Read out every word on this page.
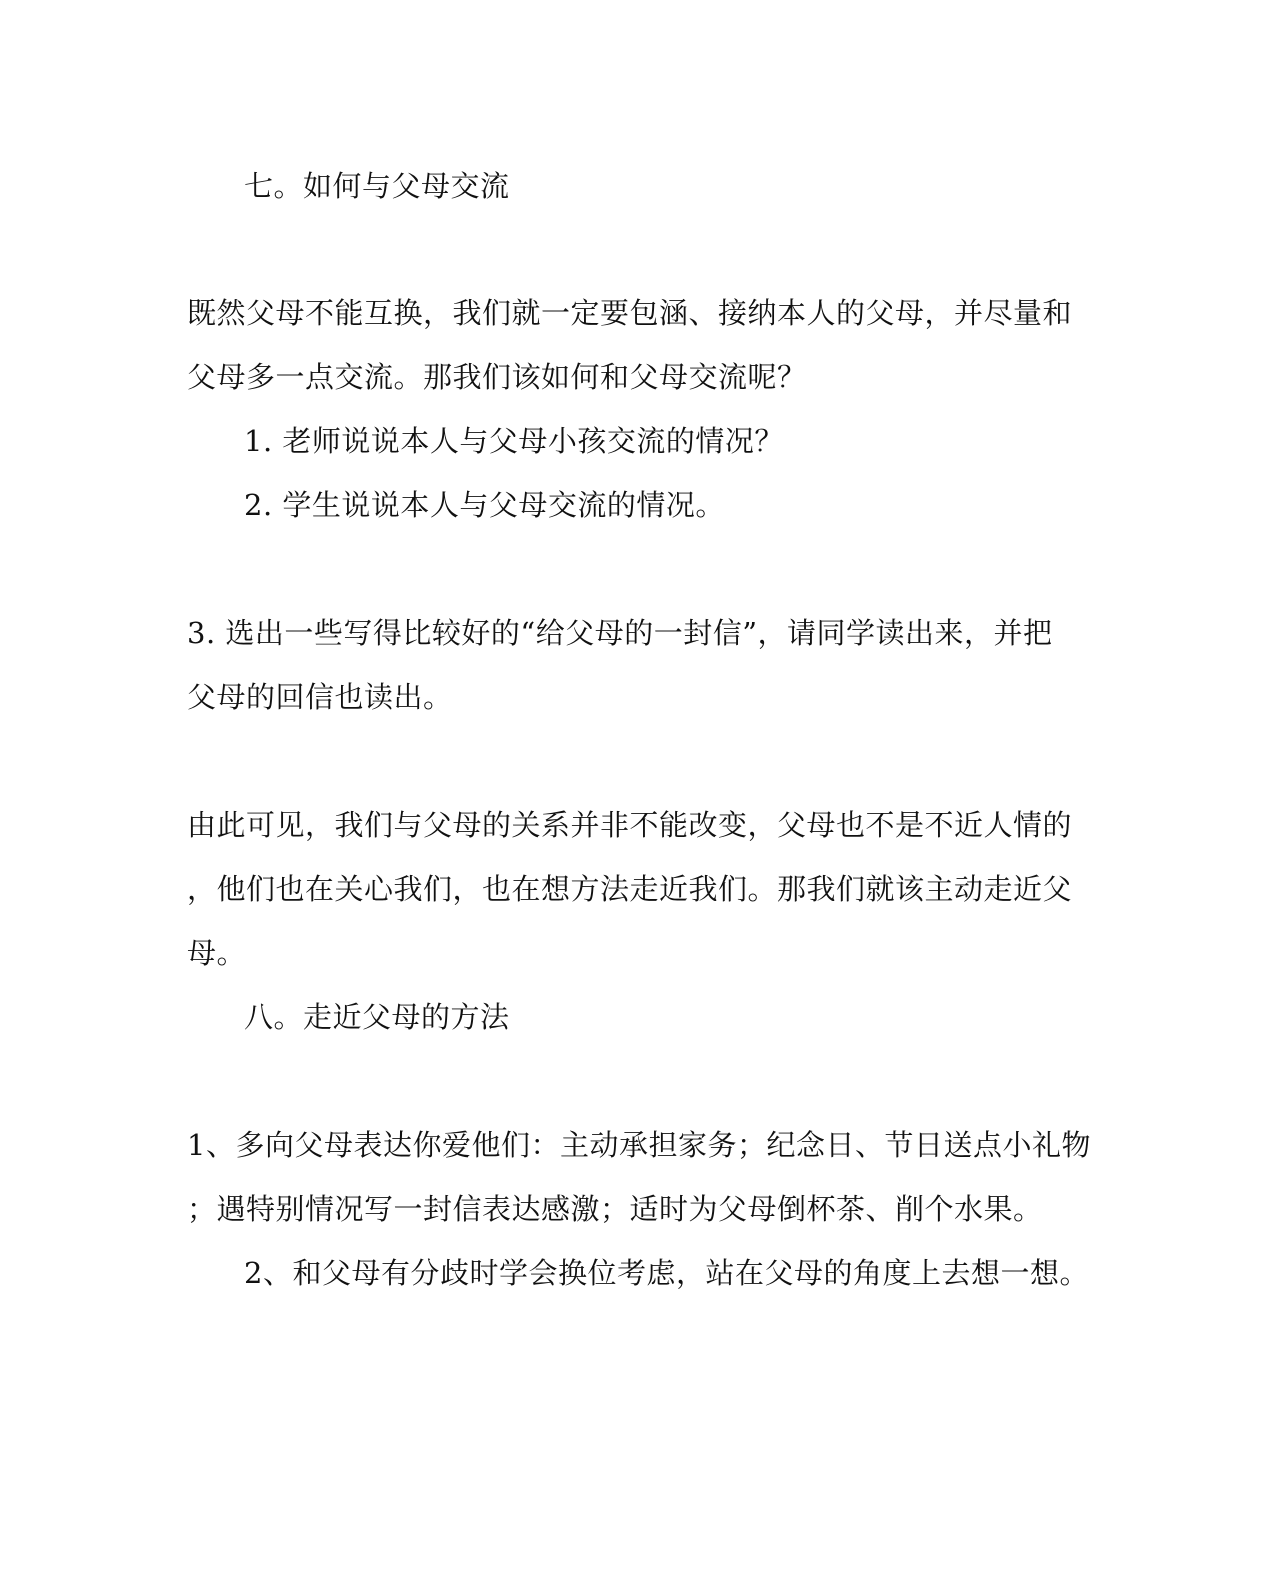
七。如何与父母交流

既然父母不能互换，我们就一定要包涵、接纳本人的父母，并尽量和

父母多一点交流。那我们该如何和父母交流呢？

1. 老师说说本人与父母小孩交流的情况？

2. 学生说说本人与父母交流的情况。

3. 选出一些写得比较好的“给父母的一封信”，请同学读出来，并把

父母的回信也读出。

由此可见，我们与父母的关系并非不能改变，父母也不是不近人情的

，他们也在关心我们，也在想方法走近我们。那我们就该主动走近父

母。

八。走近父母的方法

1、多向父母表达你爱他们：主动承担家务；纪念日、节日送点小礼物

；遇特别情况写一封信表达感激；适时为父母倒杯茶、削个水果。

2、和父母有分歧时学会换位考虑，站在父母的角度上去想一想。
